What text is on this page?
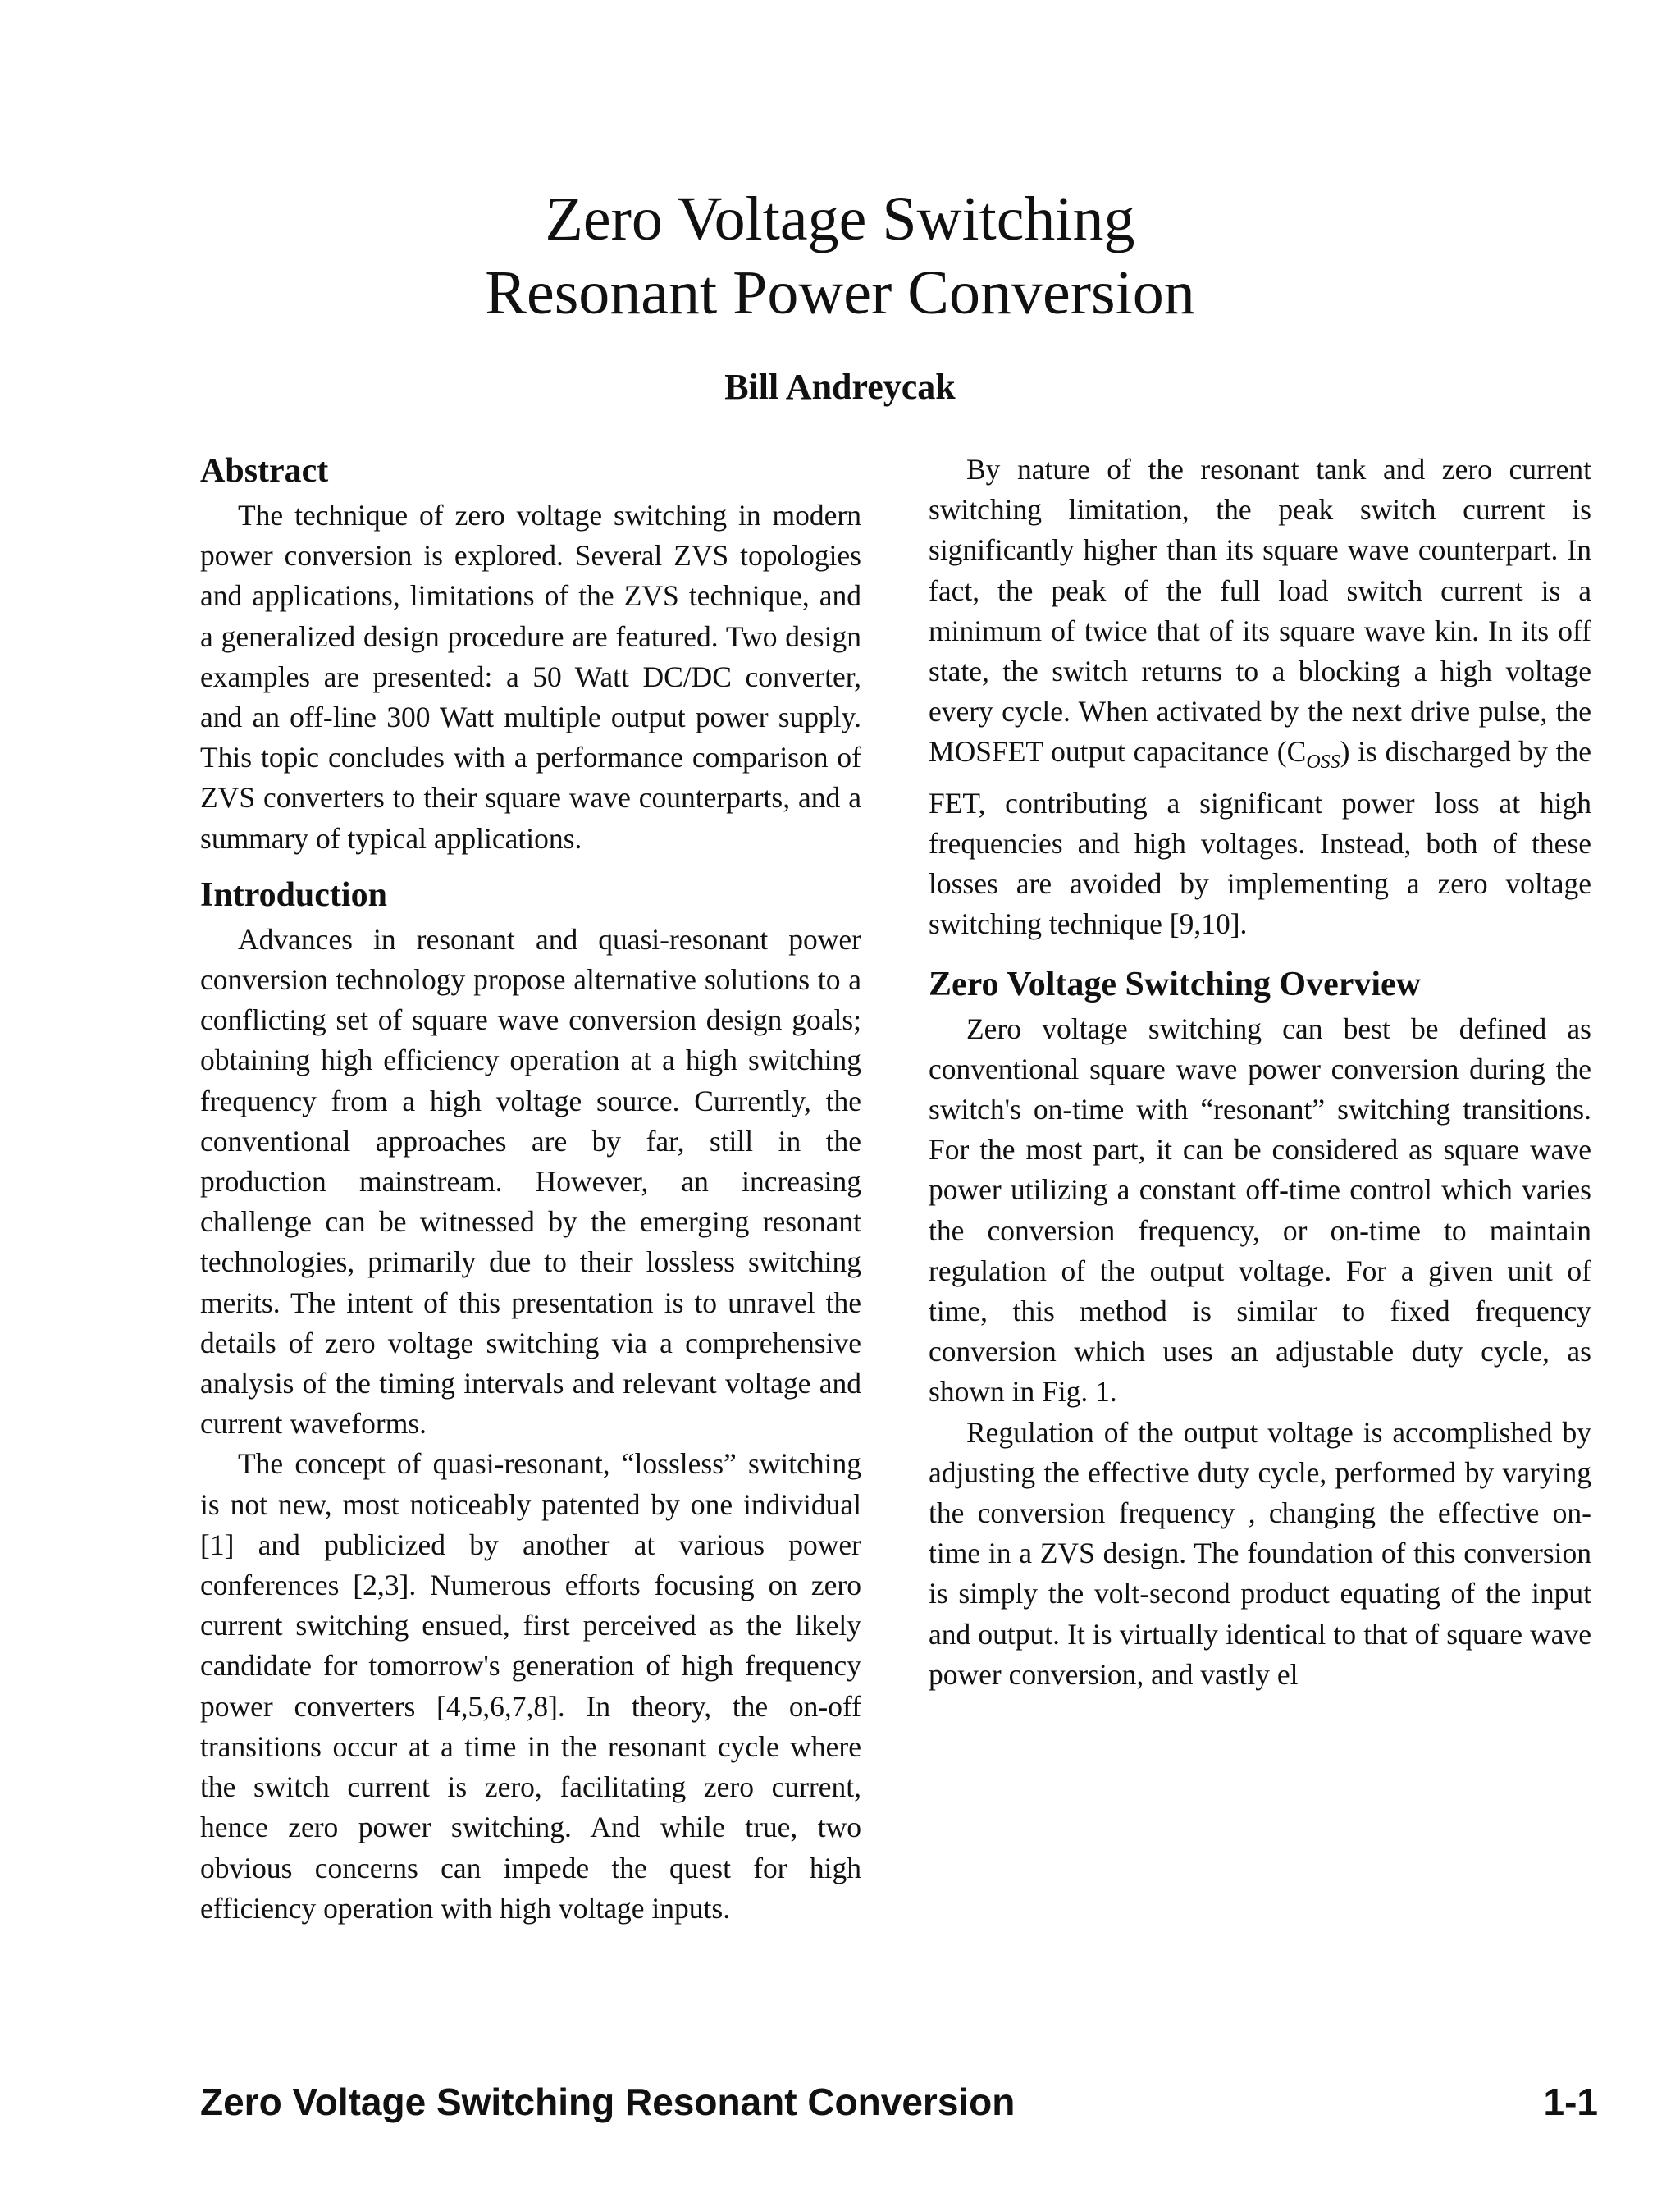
Zero Voltage Switching
Resonant Power Conversion
Bill Andreycak
Abstract

The technique of zero voltage switching in modern power conversion is explored. Several ZVS topologies and applications, limitations of the ZVS technique, and a generalized design procedure are featured. Two design examples are presented: a 50 Watt DC/DC converter, and an off-line 300 Watt multiple output power supply. This topic concludes with a performance comparison of ZVS converters to their square wave counterparts, and a summary of typical applications.

Introduction

Advances in resonant and quasi-resonant power conversion technology propose alternative solutions to a conflicting set of square wave conversion design goals; obtaining high efficiency operation at a high switching frequency from a high voltage source. Currently, the conventional approaches are by far, still in the production mainstream. However, an increasing challenge can be witnessed by the emerging resonant technologies, primarily due to their lossless switching merits. The intent of this presentation is to unravel the details of zero voltage switching via a comprehensive analysis of the timing intervals and relevant voltage and current waveforms.

The concept of quasi-resonant, “lossless” switching is not new, most noticeably patented by one individual [1] and publicized by another at various power conferences [2,3]. Numerous efforts focusing on zero current switching ensued, first perceived as the likely candidate for tomorrow's generation of high frequency power converters [4,5,6,7,8]. In theory, the on-off transitions occur at a time in the resonant cycle where the switch current is zero, facilitating zero current, hence zero power switching. And while true, two obvious concerns can impede the quest for high efficiency operation with high voltage inputs.

By nature of the resonant tank and zero current switching limitation, the peak switch current is significantly higher than its square wave counterpart. In fact, the peak of the full load switch current is a minimum of twice that of its square wave kin. In its off state, the switch returns to a blocking a high voltage every cycle. When activated by the next drive pulse, the MOSFET output capacitance $(C_{OSS})$ is discharged by the FET, contributing a significant power loss at high frequencies and high voltages. Instead, both of these losses are avoided by implementing a zero voltage switching technique [9,10].

Zero Voltage Switching Overview

Zero voltage switching can best be defined as conventional square wave power conversion during the switch's on-time with “resonant” switching transitions. For the most part, it can be considered as square wave power utilizing a constant off-time control which varies the conversion frequency, or on-time to maintain regulation of the output voltage. For a given unit of time, this method is similar to fixed frequency conversion which uses an adjustable duty cycle, as shown in Fig. 1.

Regulation of the output voltage is accomplished by adjusting the effective duty cycle, performed by varying the conversion frequency , changing the effective on-time in a ZVS design. The foundation of this conversion is simply the volt-second product equating of the input and output. It is virtually identical to that of square wave power conversion, and vastly el

Zero Voltage Switching Resonant Conversion	1-1
